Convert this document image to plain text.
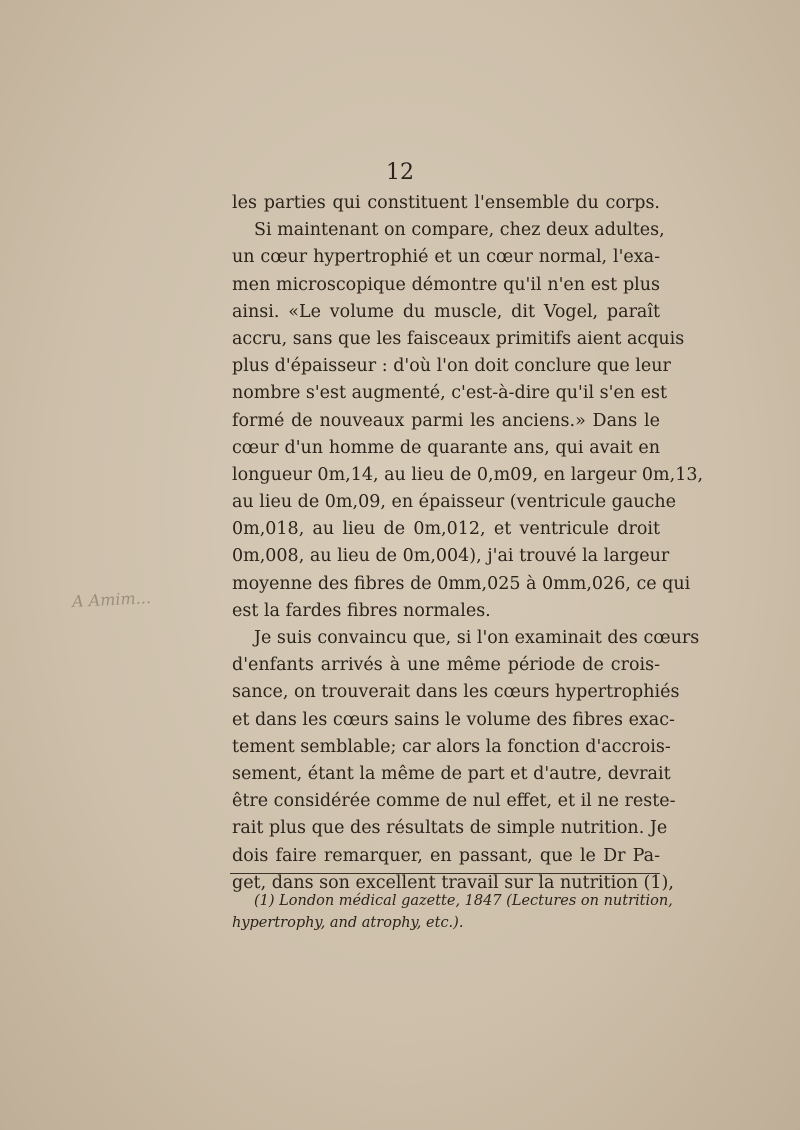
12
A Amim...
les parties qui constituent l'ensemble du corps.
Si maintenant on compare, chez deux adultes,
un cœur hypertrophié et un cœur normal, l'exa-
men microscopique démontre qu'il n'en est plus
ainsi. «Le volume du muscle, dit Vogel, paraît
accru, sans que les faisceaux primitifs aient acquis
plus d'épaisseur : d'où l'on doit conclure que leur
nombre s'est augmenté, c'est-à-dire qu'il s'en est
formé de nouveaux parmi les anciens.» Dans le
cœur d'un homme de quarante ans, qui avait en
longueur 0m,14, au lieu de 0,m09, en largeur 0m,13,
au lieu de 0m,09, en épaisseur (ventricule gauche
0m,018, au lieu de 0m,012, et ventricule droit
0m,008, au lieu de 0m,004), j'ai trouvé la largeur
moyenne des fibres de 0mm,025 à 0mm,026, ce qui
est la fardes fibres normales.
Je suis convaincu que, si l'on examinait des cœurs
d'enfants arrivés à une même période de crois-
sance, on trouverait dans les cœurs hypertrophiés
et dans les cœurs sains le volume des fibres exac-
tement semblable; car alors la fonction d'accrois-
sement, étant la même de part et d'autre, devrait
être considérée comme de nul effet, et il ne reste-
rait plus que des résultats de simple nutrition. Je
dois faire remarquer, en passant, que le Dr Pa-
get, dans son excellent travail sur la nutrition (1),
(1) London médical gazette, 1847 (Lectures on nutrition,
hypertrophy, and atrophy, etc.).
